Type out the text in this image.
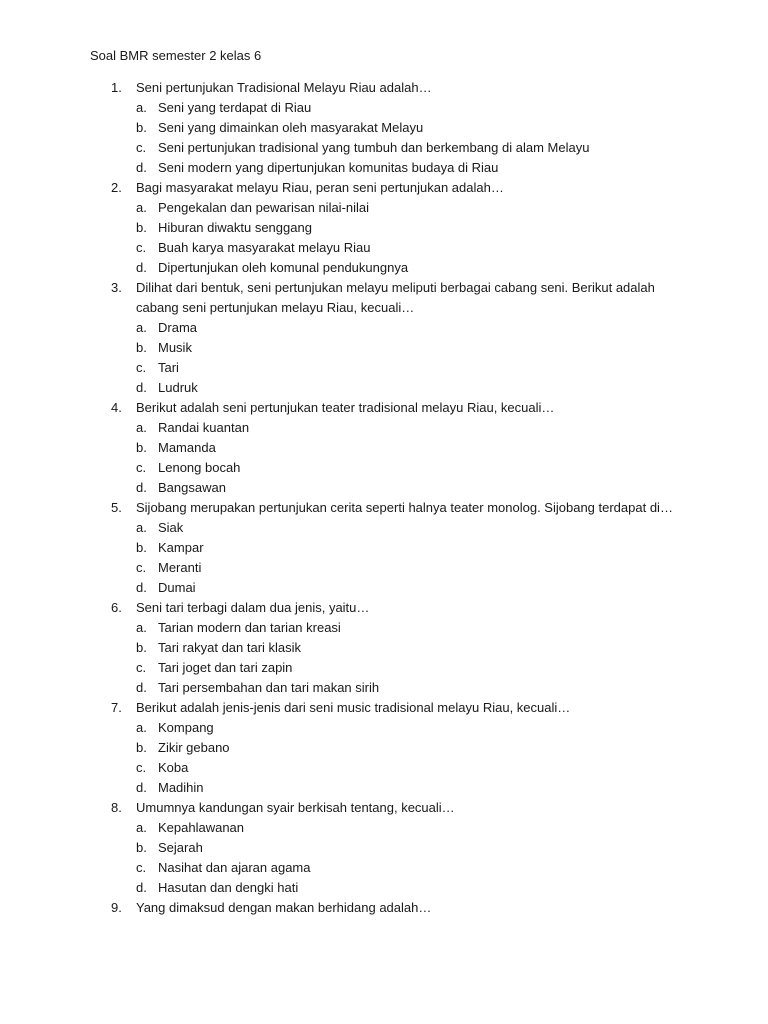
Soal BMR semester 2 kelas 6
1. Seni pertunjukan Tradisional Melayu Riau adalah…
a. Seni yang terdapat di Riau
b. Seni yang dimainkan oleh masyarakat Melayu
c. Seni pertunjukan tradisional yang tumbuh dan berkembang di alam Melayu
d. Seni modern yang dipertunjukan komunitas budaya di Riau
2. Bagi masyarakat melayu Riau, peran seni pertunjukan adalah…
a. Pengekalan dan pewarisan nilai-nilai
b. Hiburan diwaktu senggang
c. Buah karya masyarakat melayu Riau
d. Dipertunjukan oleh komunal pendukungnya
3. Dilihat dari bentuk, seni pertunjukan melayu meliputi berbagai cabang seni. Berikut adalah
cabang seni pertunjukan melayu Riau, kecuali…
a. Drama
b. Musik
c. Tari
d. Ludruk
4. Berikut adalah seni pertunjukan teater tradisional melayu Riau, kecuali…
a. Randai kuantan
b. Mamanda
c. Lenong bocah
d. Bangsawan
5. Sijobang merupakan pertunjukan cerita seperti halnya teater monolog. Sijobang terdapat di…
a. Siak
b. Kampar
c. Meranti
d. Dumai
6. Seni tari terbagi dalam dua jenis, yaitu…
a. Tarian modern dan tarian kreasi
b. Tari rakyat dan tari klasik
c. Tari joget dan tari zapin
d. Tari persembahan dan tari makan sirih
7. Berikut adalah jenis-jenis dari seni music tradisional melayu Riau, kecuali…
a. Kompang
b. Zikir gebano
c. Koba
d. Madihin
8. Umumnya kandungan syair berkisah tentang, kecuali…
a. Kepahlawanan
b. Sejarah
c. Nasihat dan ajaran agama
d. Hasutan dan dengki hati
9. Yang dimaksud dengan makan berhidang adalah…
